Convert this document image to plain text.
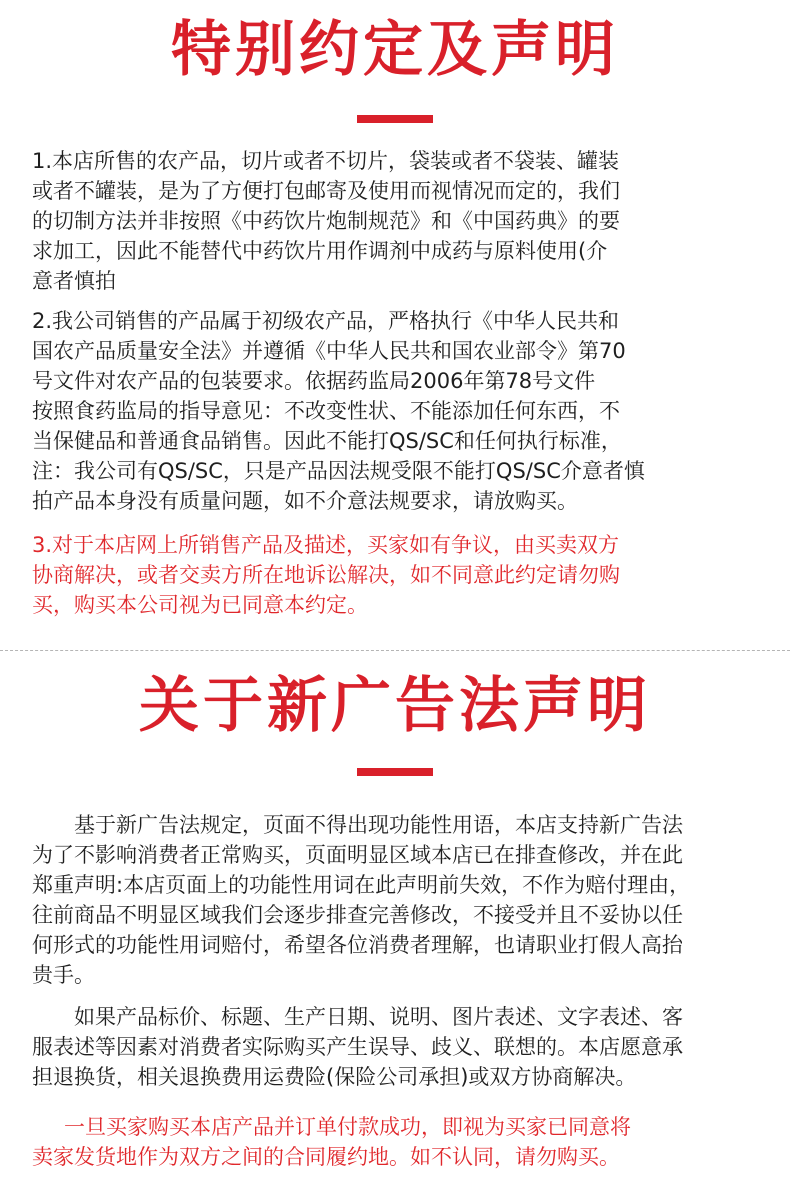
特别约定及声明
1.本店所售的农产品，切片或者不切片，袋装或者不袋装、罐装
或者不罐装，是为了方便打包邮寄及使用而视情况而定的，我们
的切制方法并非按照《中药饮片炮制规范》和《中国药典》的要
求加工，因此不能替代中药饮片用作调剂中成药与原料使用(介
意者慎拍
2.我公司销售的产品属于初级农产品，严格执行《中华人民共和
国农产品质量安全法》并遵循《中华人民共和国农业部令》第70
号文件对农产品的包装要求。依据药监局2006年第78号文件
按照食药监局的指导意见：不改变性状、不能添加任何东西，不
当保健品和普通食品销售。因此不能打QS/SC和任何执行标准，
注：我公司有QS/SC，只是产品因法规受限不能打QS/SC介意者慎
拍产品本身没有质量问题，如不介意法规要求，请放购买。
3.对于本店网上所销售产品及描述，买家如有争议，由买卖双方
协商解决，或者交卖方所在地诉讼解决，如不同意此约定请勿购
买，购买本公司视为已同意本约定。
关于新广告法声明
基于新广告法规定，页面不得出现功能性用语，本店支持新广告法
为了不影响消费者正常购买，页面明显区域本店已在排查修改，并在此
郑重声明:本店页面上的功能性用词在此声明前失效，不作为赔付理由，
往前商品不明显区域我们会逐步排查完善修改，不接受并且不妥协以任
何形式的功能性用词赔付，希望各位消费者理解，也请职业打假人高抬
贵手。
如果产品标价、标题、生产日期、说明、图片表述、文字表述、客
服表述等因素对消费者实际购买产生误导、歧义、联想的。本店愿意承
担退换货，相关退换费用运费险(保险公司承担)或双方协商解决。
一旦买家购买本店产品并订单付款成功，即视为买家已同意将
卖家发货地作为双方之间的合同履约地。如不认同，请勿购买。
